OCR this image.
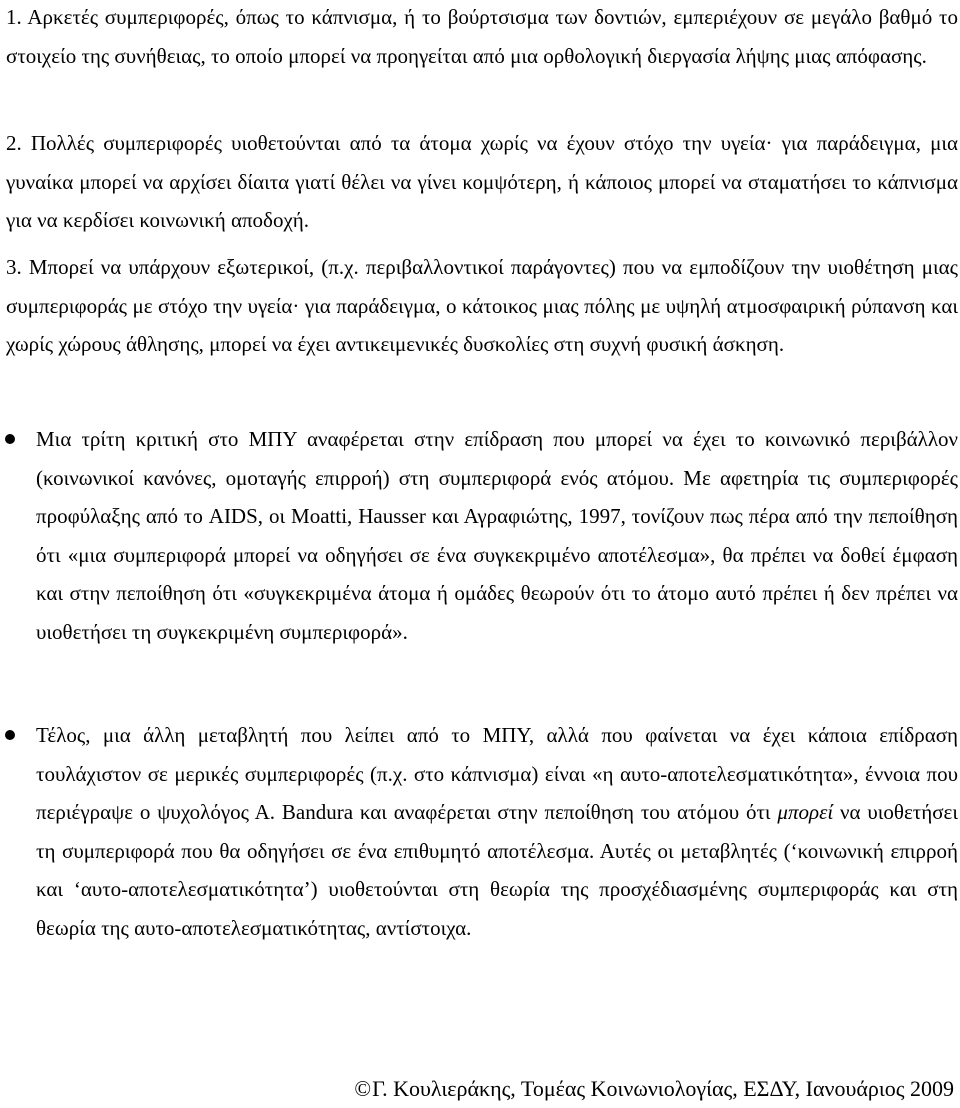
1. Αρκετές συμπεριφορές, όπως το κάπνισμα, ή το βούρτσισμα των δοντιών, εμπεριέχουν σε μεγάλο βαθμό το στοιχείο της συνήθειας, το οποίο μπορεί να προηγείται από μια ορθολογική διεργασία λήψης μιας απόφασης.

2. Πολλές συμπεριφορές υιοθετούνται από τα άτομα χωρίς να έχουν στόχο την υγεία· για παράδειγμα, μια γυναίκα μπορεί να αρχίσει δίαιτα γιατί θέλει να γίνει κομψότερη, ή κάποιος μπορεί να σταματήσει το κάπνισμα για να κερδίσει κοινωνική αποδοχή.

3. Μπορεί να υπάρχουν εξωτερικοί, (π.χ. περιβαλλοντικοί παράγοντες) που να εμποδίζουν την υιοθέτηση μιας συμπεριφοράς με στόχο την υγεία· για παράδειγμα, ο κάτοικος μιας πόλης με υψηλή ατμοσφαιρική ρύπανση και χωρίς χώρους άθλησης, μπορεί να έχει αντικειμενικές δυσκολίες στη συχνή φυσική άσκηση.

Μια τρίτη κριτική στο ΜΠΥ αναφέρεται στην επίδραση που μπορεί να έχει το κοινωνικό περιβάλλον (κοινωνικοί κανόνες, ομοταγής επιρροή) στη συμπεριφορά ενός ατόμου. Με αφετηρία τις συμπεριφορές προφύλαξης από το AIDS, οι Moatti, Hausser και Αγραφιώτης, 1997, τονίζουν πως πέρα από την πεποίθηση ότι «μια συμπεριφορά μπορεί να οδηγήσει σε ένα συγκεκριμένο αποτέλεσμα», θα πρέπει να δοθεί έμφαση και στην πεποίθηση ότι «συγκεκριμένα άτομα ή ομάδες θεωρούν ότι το άτομο αυτό πρέπει ή δεν πρέπει να υιοθετήσει τη συγκεκριμένη συμπεριφορά».

Τέλος, μια άλλη μεταβλητή που λείπει από το ΜΠΥ, αλλά που φαίνεται να έχει κάποια επίδραση τουλάχιστον σε μερικές συμπεριφορές (π.χ. στο κάπνισμα) είναι «η αυτο-αποτελεσματικότητα», έννοια που περιέγραψε ο ψυχολόγος Α. Bandura και αναφέρεται στην πεποίθηση του ατόμου ότι μπορεί να υιοθετήσει τη συμπεριφορά που θα οδηγήσει σε ένα επιθυμητό αποτέλεσμα. Αυτές οι μεταβλητές (‘κοινωνική επιρροή και ‘αυτο-αποτελεσματικότητα’) υιοθετούνται στη θεωρία της προσχέδιασμένης συμπεριφοράς και στη θεωρία της αυτο-αποτελεσματικότητας, αντίστοιχα.

©Γ. Κουλιεράκης, Τομέας Κοινωνιολογίας, ΕΣΔΥ, Ιανουάριος 2009
